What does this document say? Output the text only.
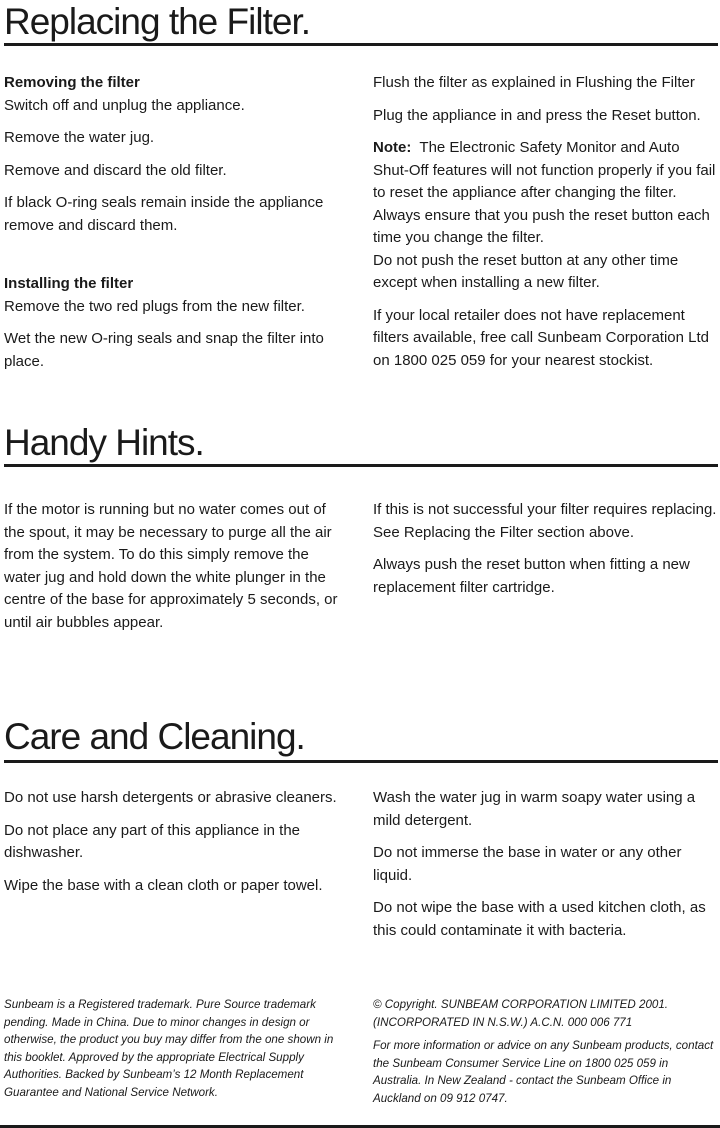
Replacing the Filter.

Removing the filter
Switch off and unplug the appliance.

Remove the water jug.

Remove and discard the old filter.

If black O-ring seals remain inside the appliance remove and discard them.

Installing the filter
Remove the two red plugs from the new filter.

Wet the new O-ring seals and snap the filter into place.

Flush the filter as explained in Flushing the Filter

Plug the appliance in and press the Reset button.

Note: The Electronic Safety Monitor and Auto Shut-Off features will not function properly if you fail to reset the appliance after changing the filter. Always ensure that you push the reset button each time you change the filter.

Do not push the reset button at any other time except when installing a new filter.

If your local retailer does not have replacement filters available, free call Sunbeam Corporation Ltd on 1800 025 059 for your nearest stockist.

Handy Hints.

If the motor is running but no water comes out of the spout, it may be necessary to purge all the air from the system. To do this simply remove the water jug and hold down the white plunger in the centre of the base for approximately 5 seconds, or until air bubbles appear.

If this is not successful your filter requires replacing. See Replacing the Filter section above.

Always push the reset button when fitting a new replacement filter cartridge.

Care and Cleaning.

Do not use harsh detergents or abrasive cleaners.

Do not place any part of this appliance in the dishwasher.

Wipe the base with a clean cloth or paper towel.

Wash the water jug in warm soapy water using a mild detergent.

Do not immerse the base in water or any other liquid.

Do not wipe the base with a used kitchen cloth, as this could contaminate it with bacteria.

Sunbeam is a Registered trademark. Pure Source trademark pending. Made in China. Due to minor changes in design or otherwise, the product you buy may differ from the one shown in this booklet. Approved by the appropriate Electrical Supply Authorities. Backed by Sunbeam’s 12 Month Replacement Guarantee and National Service Network.

© Copyright. SUNBEAM CORPORATION LIMITED 2001. (INCORPORATED IN N.S.W.) A.C.N. 000 006 771

For more information or advice on any Sunbeam products, contact the Sunbeam Consumer Service Line on 1800 025 059 in Australia. In New Zealand - contact the Sunbeam Office in Auckland on 09 912 0747.
